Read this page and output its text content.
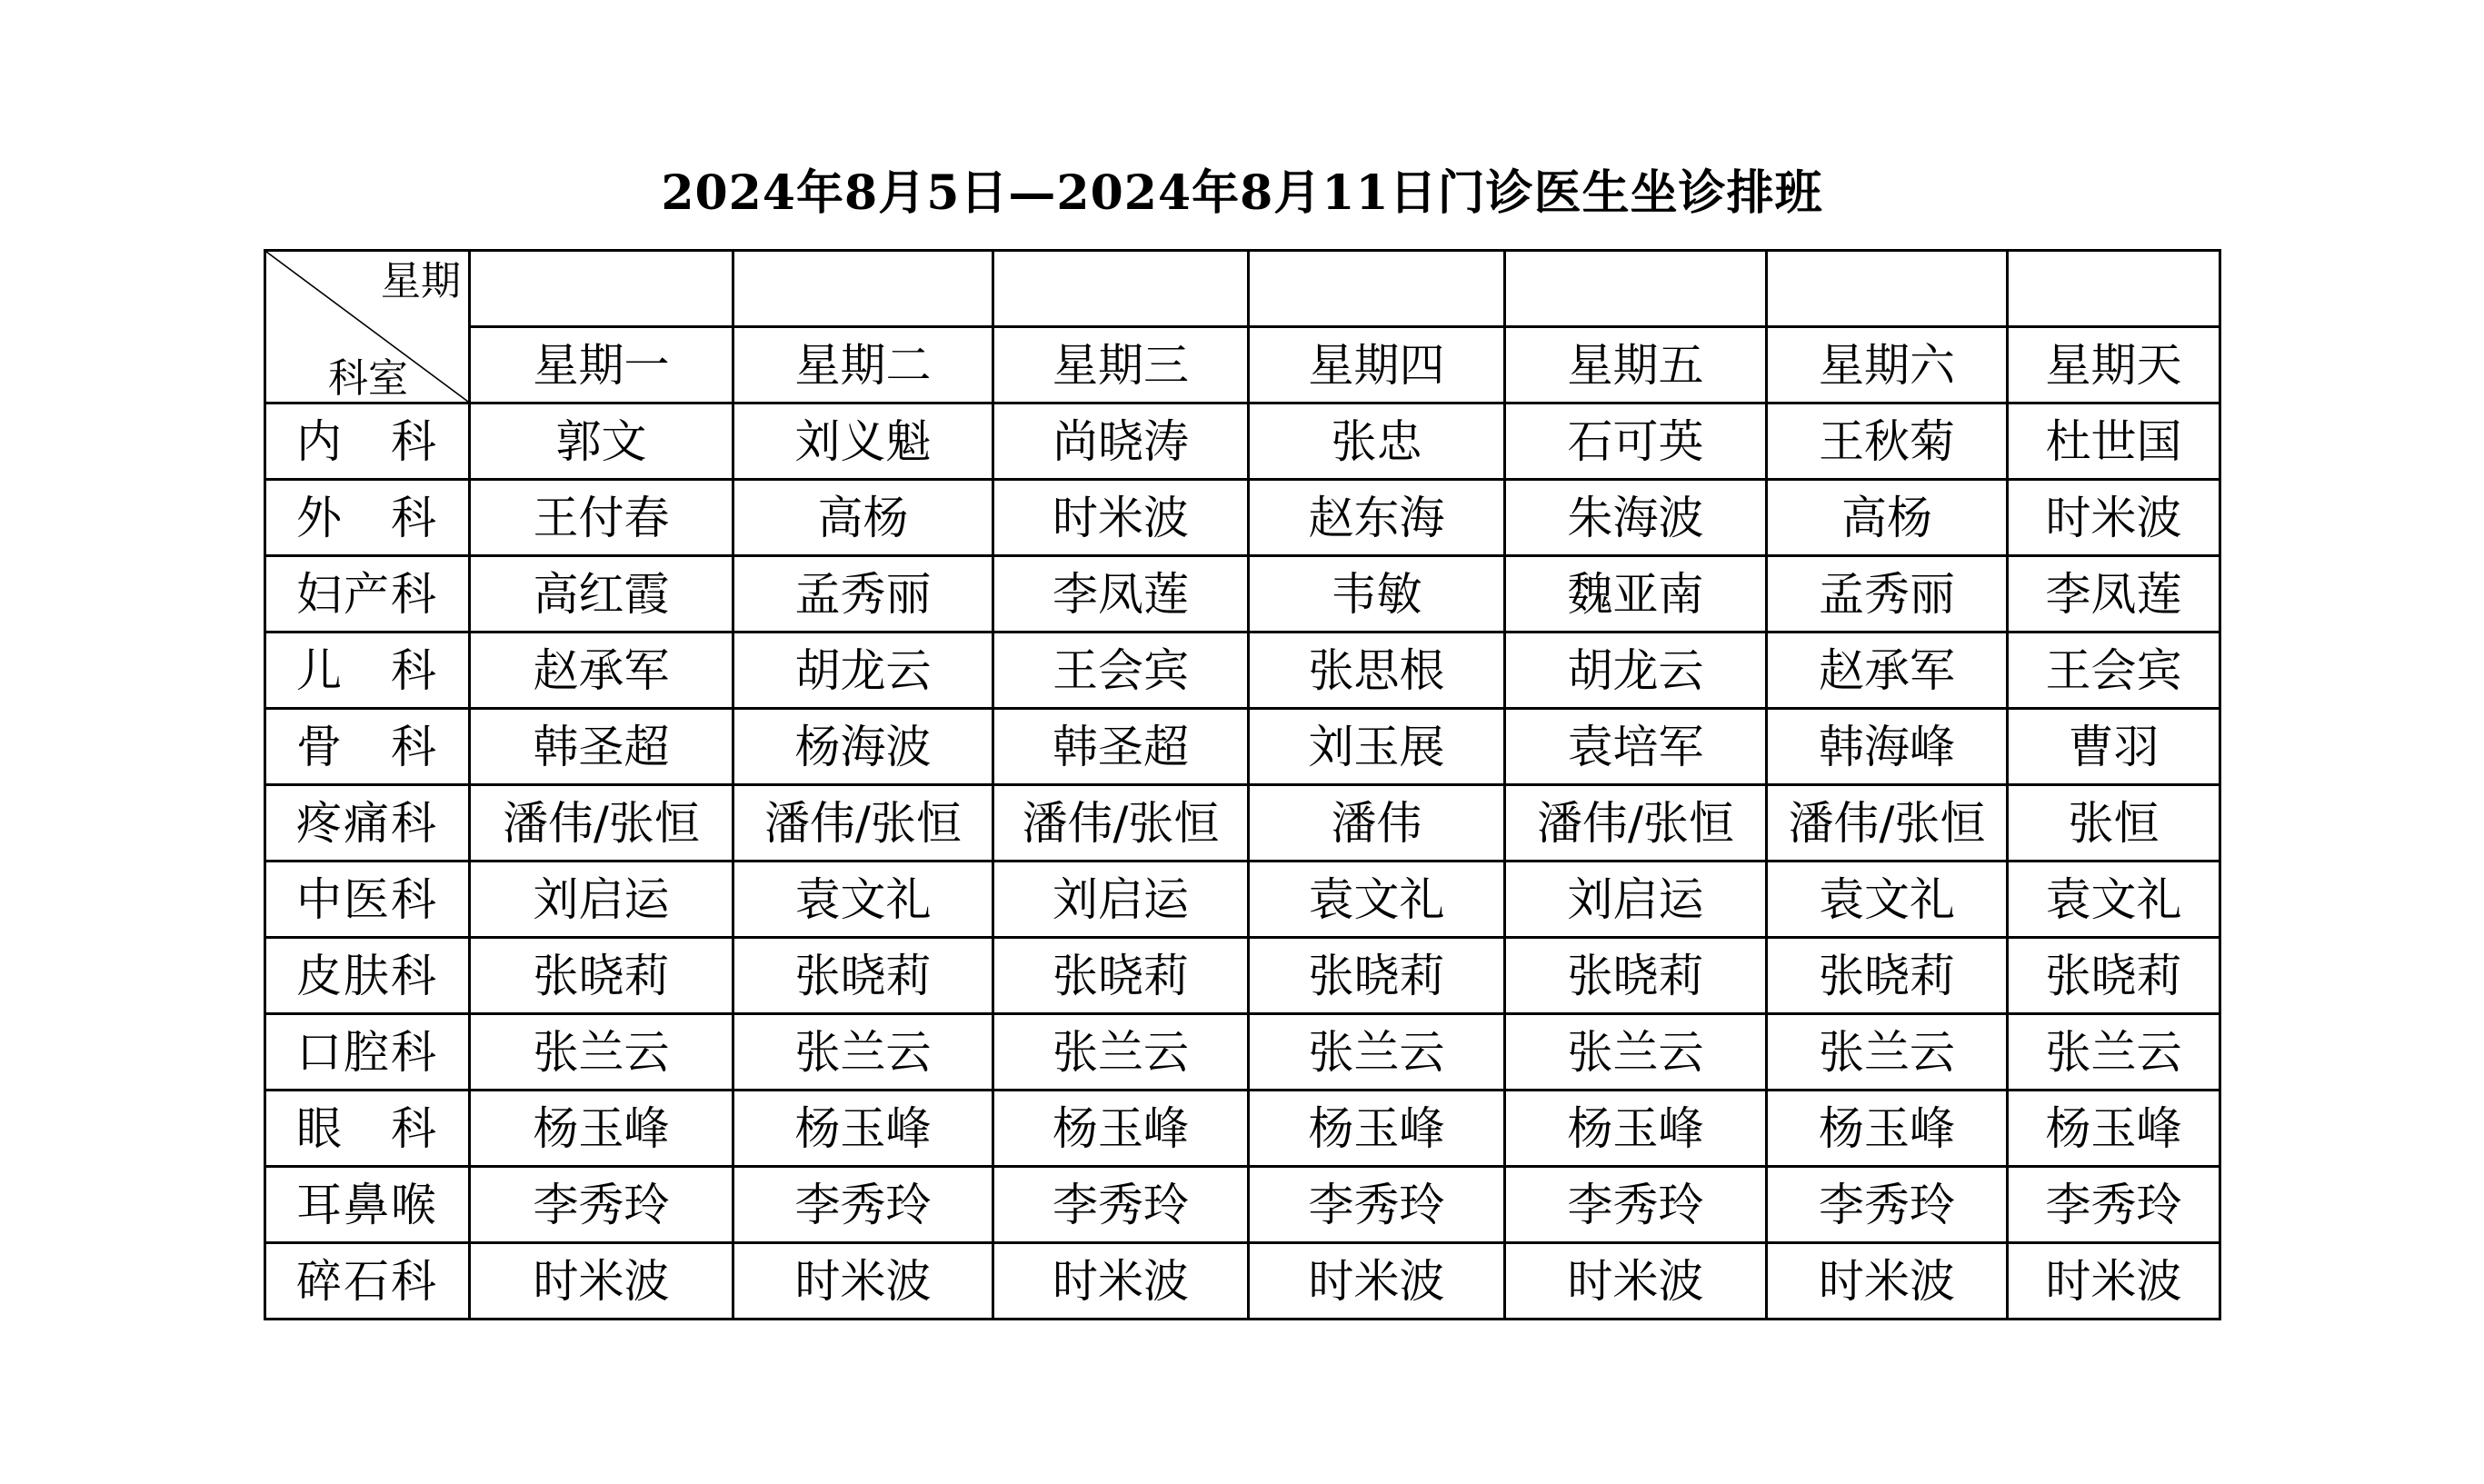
2024年8月5日—2024年8月11日门诊医生坐诊排班
星期
科室							

	星期一	星期二	星期三	星期四	星期五	星期六	星期天
内　科	郭文	刘义魁	尚晓涛	张忠	石可英	王秋菊	杜世国
外　科	王付春	高杨	时米波	赵东海	朱海波	高杨	时米波
妇产科	高红霞	孟秀丽	李凤莲	韦敏	魏亚南	孟秀丽	李凤莲
儿　科	赵承军	胡龙云	王会宾	张思根	胡龙云	赵承军	王会宾
骨　科	韩圣超	杨海波	韩圣超	刘玉展	袁培军	韩海峰	曹羽
疼痛科	潘伟/张恒	潘伟/张恒	潘伟/张恒	潘伟	潘伟/张恒	潘伟/张恒	张恒
中医科	刘启运	袁文礼	刘启运	袁文礼	刘启运	袁文礼	袁文礼
皮肤科	张晓莉	张晓莉	张晓莉	张晓莉	张晓莉	张晓莉	张晓莉
口腔科	张兰云	张兰云	张兰云	张兰云	张兰云	张兰云	张兰云
眼　科	杨玉峰	杨玉峰	杨玉峰	杨玉峰	杨玉峰	杨玉峰	杨玉峰
耳鼻喉	李秀玲	李秀玲	李秀玲	李秀玲	李秀玲	李秀玲	李秀玲
碎石科	时米波	时米波	时米波	时米波	时米波	时米波	时米波
